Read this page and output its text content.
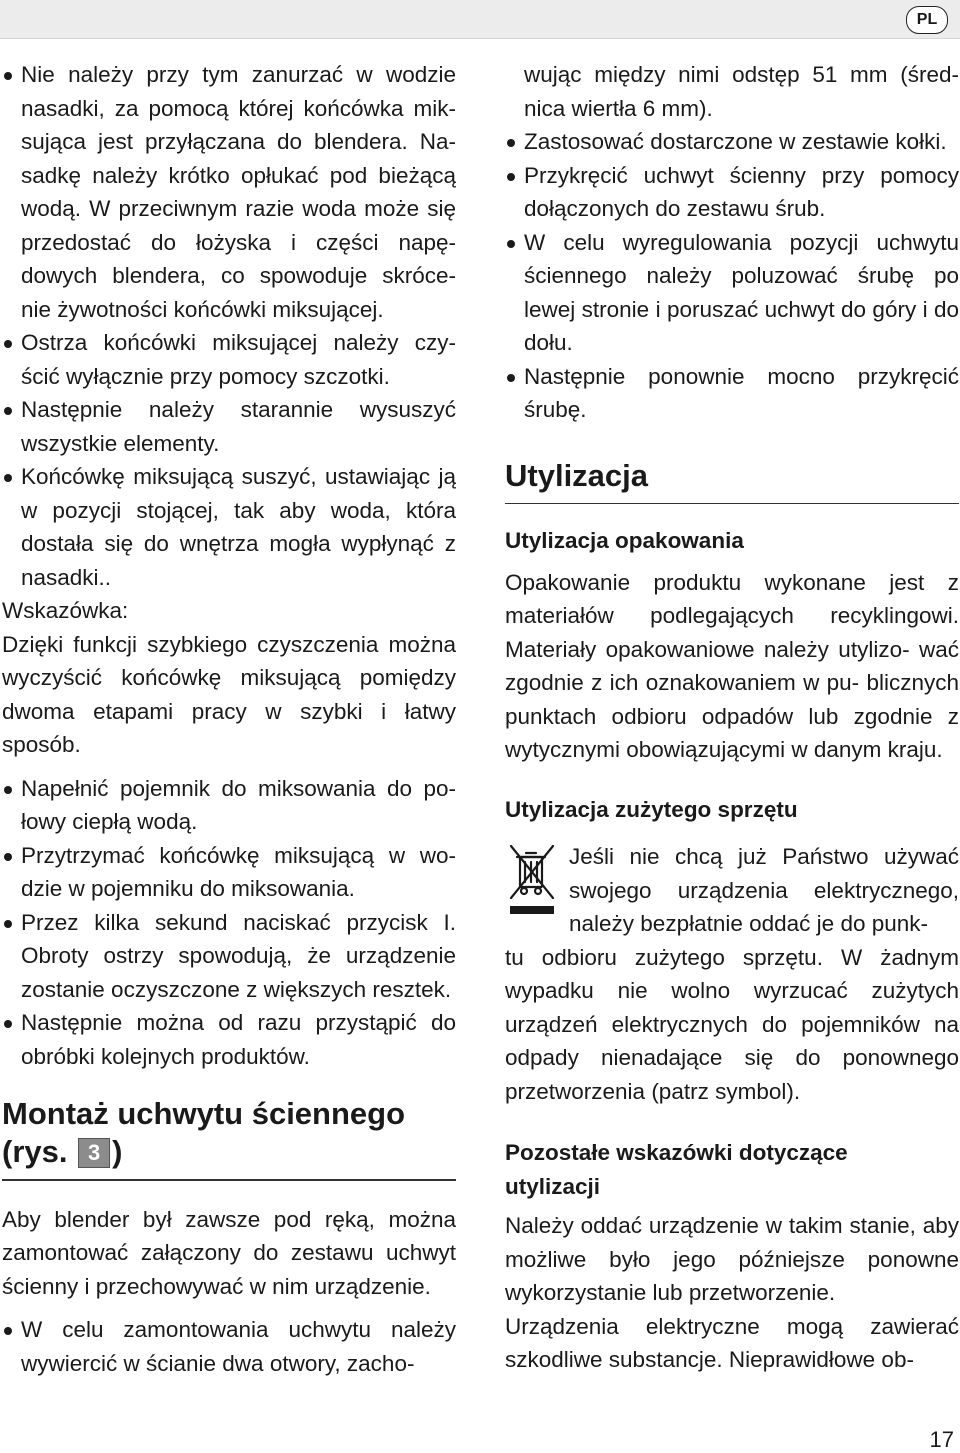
PL
Nie należy przy tym zanurzać w wodzie nasadki, za pomocą której końcówka mik- sująca jest przyłączana do blendera. Na- sadkę należy krótko opłukać pod bieżącą wodą. W przeciwnym razie woda może się przedostać do łożyska i części napę- dowych blendera, co spowoduje skróce- nie żywotności końcówki miksującej.
Ostrza końcówki miksującej należy czy- ścić wyłącznie przy pomocy szczotki.
Następnie należy starannie wysuszyć wszystkie elementy.
Końcówkę miksującą suszyć, ustawiając ją w pozycji stojącej, tak aby woda, która dostała się do wnętrza mogła wypłynąć z nasadki..

Wskazówka:

Dzięki funkcji szybkiego czyszczenia można wyczyścić końcówkę miksującą pomiędzy dwoma etapami pracy w szybki i łatwy sposób.

Napełnić pojemnik do miksowania do po- łowy ciepłą wodą.
Przytrzymać końcówkę miksującą w wo- dzie w pojemniku do miksowania.
Przez kilka sekund naciskać przycisk I. Obroty ostrzy spowodują, że urządzenie zostanie oczyszczone z większych resztek.
Następnie można od razu przystąpić do obróbki kolejnych produktów.
Montaż uchwytu ściennego
(rys. 3 )

Aby blender był zawsze pod ręką, można zamontować załączony do zestawu uchwyt ścienny i przechowywać w nim urządzenie.

W celu zamontowania uchwytu należy wywiercić w ścianie dwa otwory, zacho-
wując między nimi odstęp 51 mm (śred- nica wiertła 6 mm).
Zastosować dostarczone w zestawie kołki.
Przykręcić uchwyt ścienny przy pomocy dołączonych do zestawu śrub.
W celu wyregulowania pozycji uchwytu ściennego należy poluzować śrubę po lewej stronie i poruszać uchwyt do góry i do dołu.
Następnie ponownie mocno przykręcić śrubę.
Utylizacja
Utylizacja opakowania

Opakowanie produktu wykonane jest z materiałów podlegających recyklingowi. Materiały opakowaniowe należy utylizo- wać zgodnie z ich oznakowaniem w pu- blicznych punktach odbioru odpadów lub zgodnie z wytycznymi obowiązującymi w danym kraju.

Utylizacja zużytego sprzętu

Jeśli nie chcą już Państwo używać swojego urządzenia elektrycznego, należy bezpłatnie oddać je do punk-

tu odbioru zużytego sprzętu. W żadnym wypadku nie wolno wyrzucać zużytych urządzeń elektrycznych do pojemników na odpady nienadające się do ponownego przetworzenia (patrz symbol).

Pozostałe wskazówki dotyczące
utylizacji

Należy oddać urządzenie w takim stanie, aby możliwe było jego późniejsze ponowne wykorzystanie lub przetworzenie.
Urządzenia elektryczne mogą zawierać szkodliwe substancje. Nieprawidłowe ob-

17
